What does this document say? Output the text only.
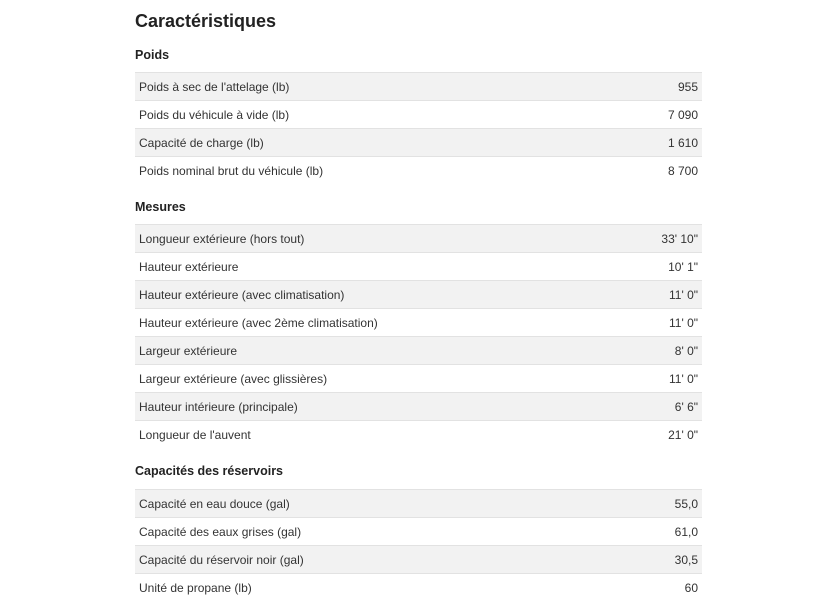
Caractéristiques
Poids
Poids à sec de l'attelage (lb)	955
Poids du véhicule à vide (lb)	7 090
Capacité de charge (lb)	1 610
Poids nominal brut du véhicule (lb)	8 700
Mesures
Longueur extérieure (hors tout)	33' 10"
Hauteur extérieure	10' 1"
Hauteur extérieure (avec climatisation)	11' 0"
Hauteur extérieure (avec 2ème climatisation)	11' 0"
Largeur extérieure	8' 0"
Largeur extérieure (avec glissières)	11' 0"
Hauteur intérieure (principale)	6' 6"
Longueur de l'auvent	21' 0"
Capacités des réservoirs
Capacité en eau douce (gal)	55,0
Capacité des eaux grises (gal)	61,0
Capacité du réservoir noir (gal)	30,5
Unité de propane (lb)	60
